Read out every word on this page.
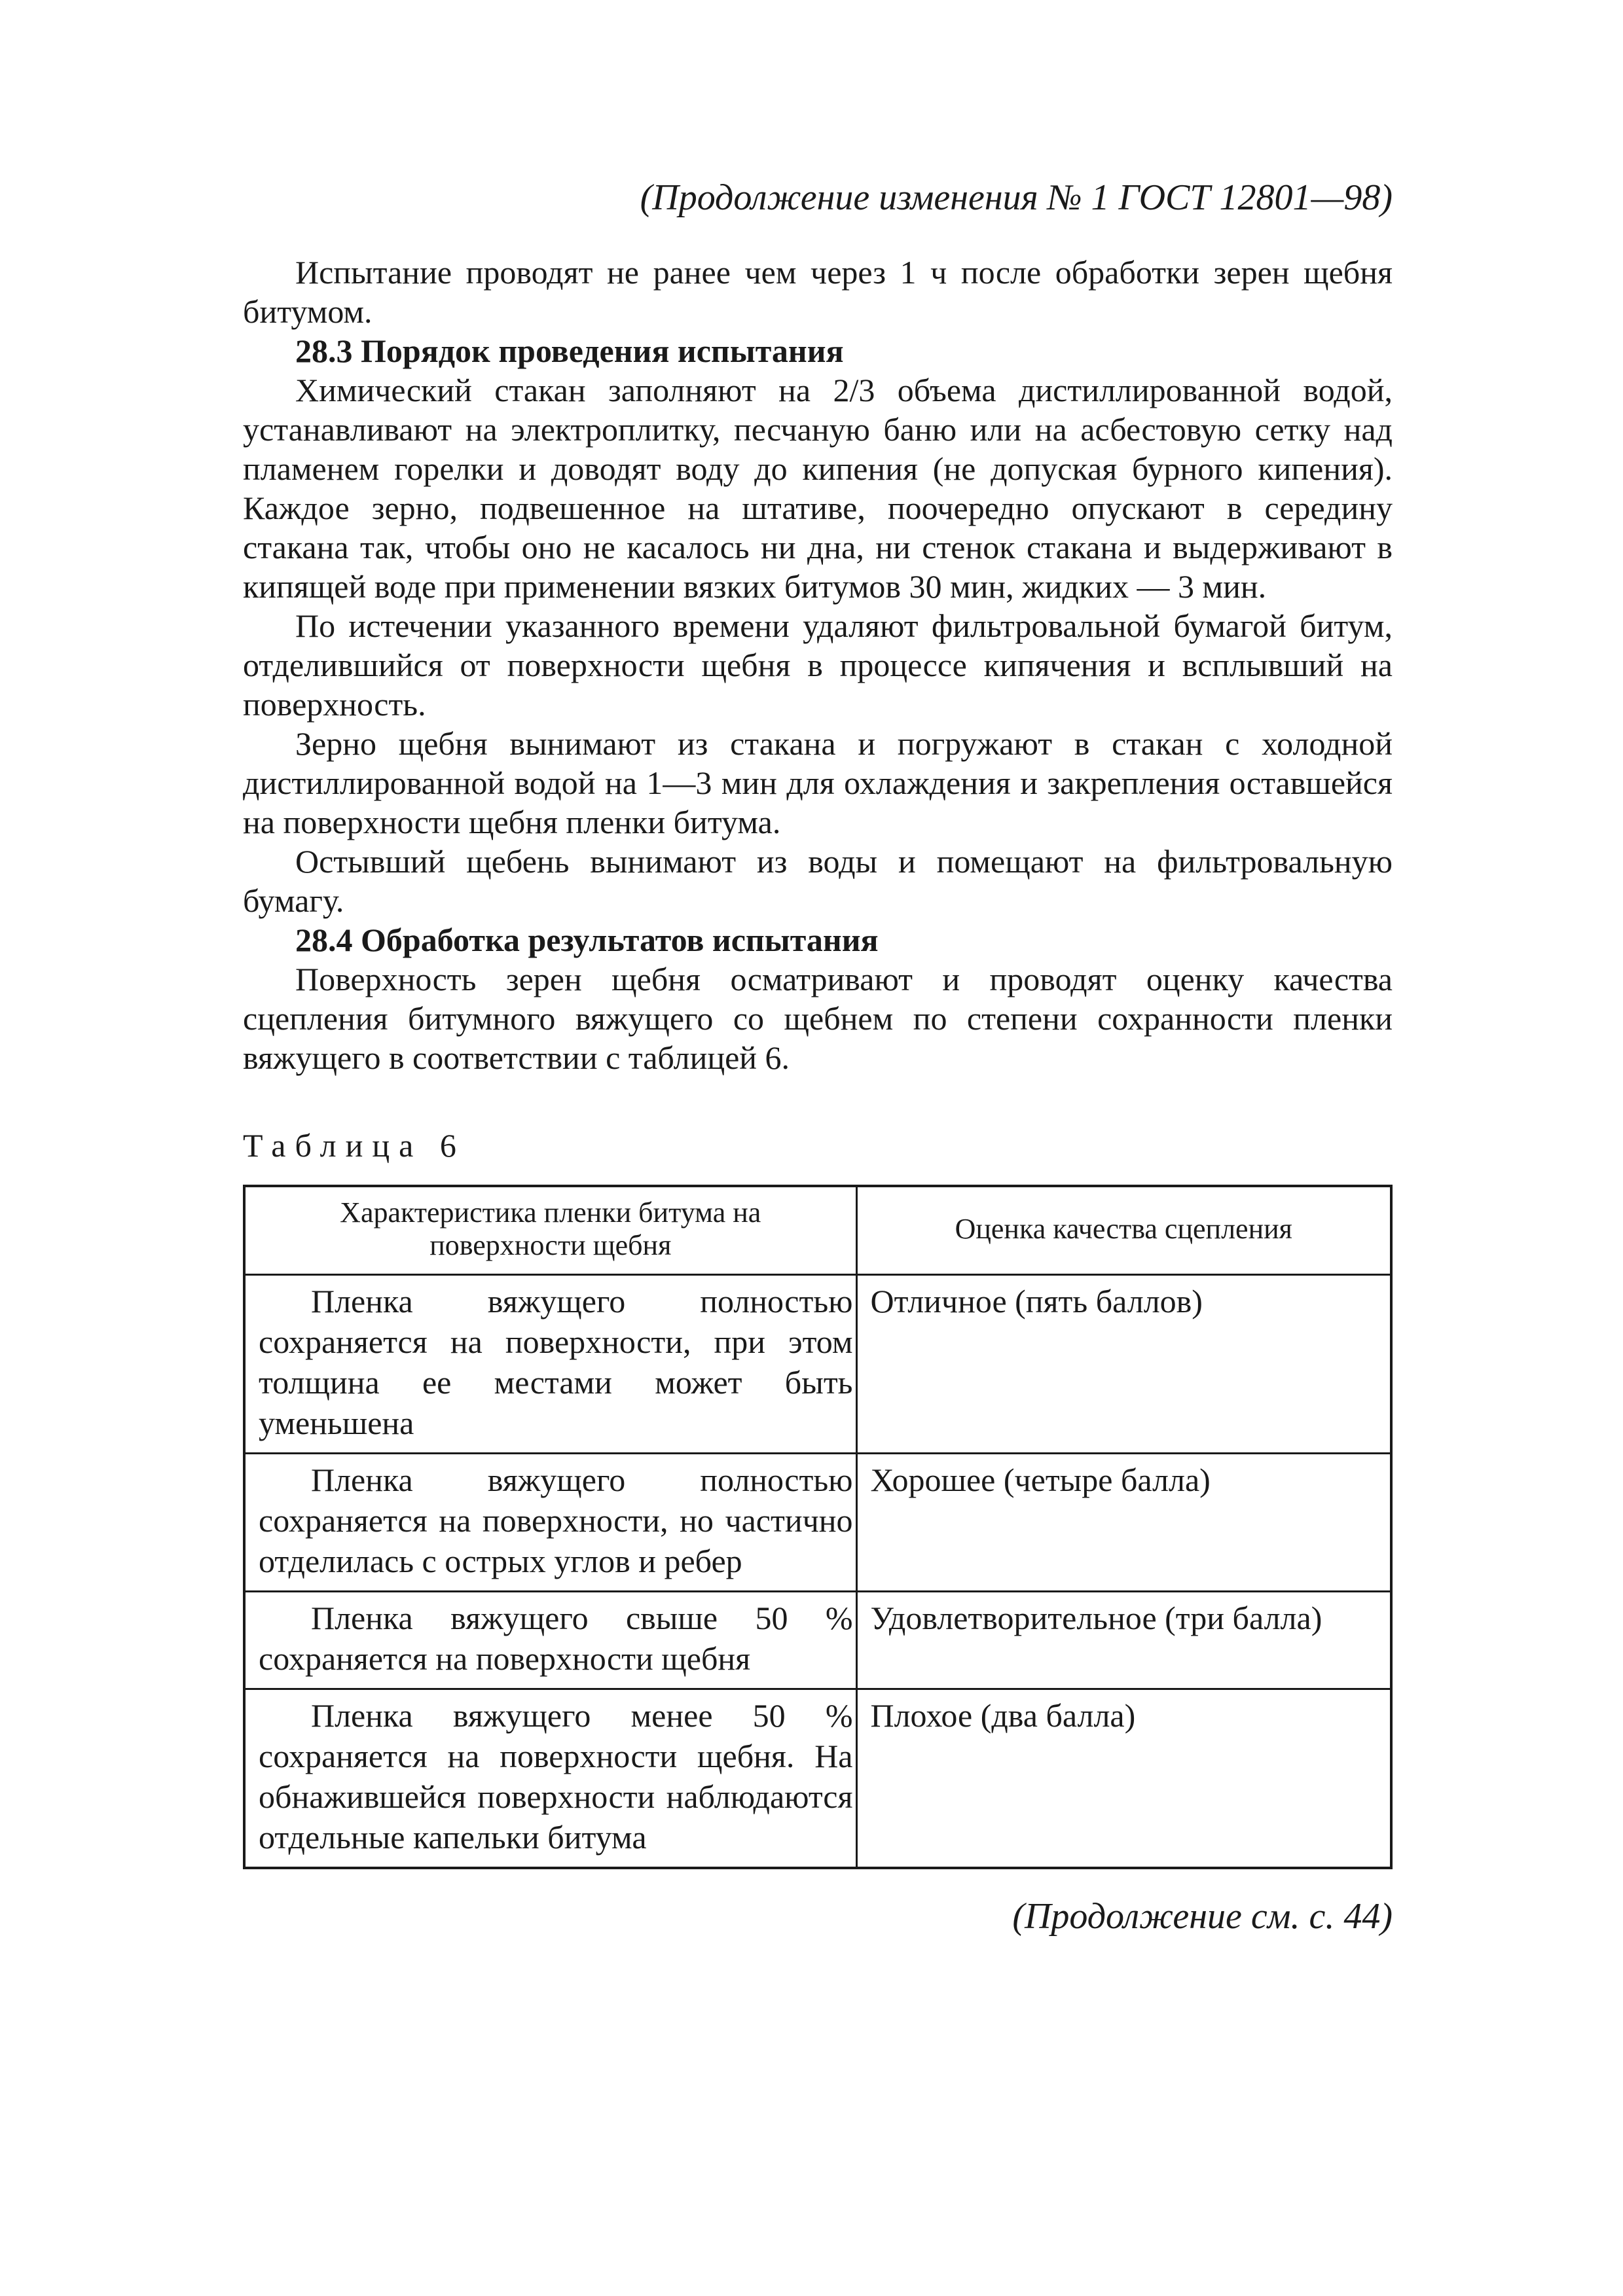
(Продолжение изменения № 1 ГОСТ 12801—98)

Испытание проводят не ранее чем через 1 ч после обработки зерен щебня битумом.

28.3 Порядок проведения испытания

Химический стакан заполняют на 2/3 объема дистиллированной водой, устанавливают на электроплитку, песчаную баню или на асбестовую сетку над пламенем горелки и доводят воду до кипения (не допуская бурного кипения). Каждое зерно, подвешенное на штативе, поочередно опускают в середину стакана так, чтобы оно не касалось ни дна, ни стенок стакана и выдерживают в кипящей воде при применении вязких битумов 30 мин, жидких — 3 мин.

По истечении указанного времени удаляют фильтровальной бумагой битум, отделившийся от поверхности щебня в процессе кипячения и всплывший на поверхность.

Зерно щебня вынимают из стакана и погружают в стакан с холодной дистиллированной водой на 1—3 мин для охлаждения и закрепления оставшейся на поверхности щебня пленки битума.

Остывший щебень вынимают из воды и помещают на фильтровальную бумагу.

28.4 Обработка результатов испытания

Поверхность зерен щебня осматривают и проводят оценку качества сцепления битумного вяжущего со щебнем по степени сохранности пленки вяжущего в соответствии с таблицей 6.

Таблица 6
Характеристика пленки битума на поверхности щебня	Оценка качества сцепления
Пленка вяжущего полностью сохраняется на поверхности, при этом толщина ее местами может быть уменьшена	Отличное (пять баллов)
Пленка вяжущего полностью сохраняется на поверхности, но частично отделилась с острых углов и ребер	Хорошее (четыре балла)
Пленка вяжущего свыше 50 % сохраняется на поверхности щебня	Удовлетворительное (три балла)
Пленка вяжущего менее 50 % сохраняется на поверхности щебня. На обнажившейся поверхности наблюдаются отдельные капельки битума	Плохое (два балла)
(Продолжение см. с. 44)
